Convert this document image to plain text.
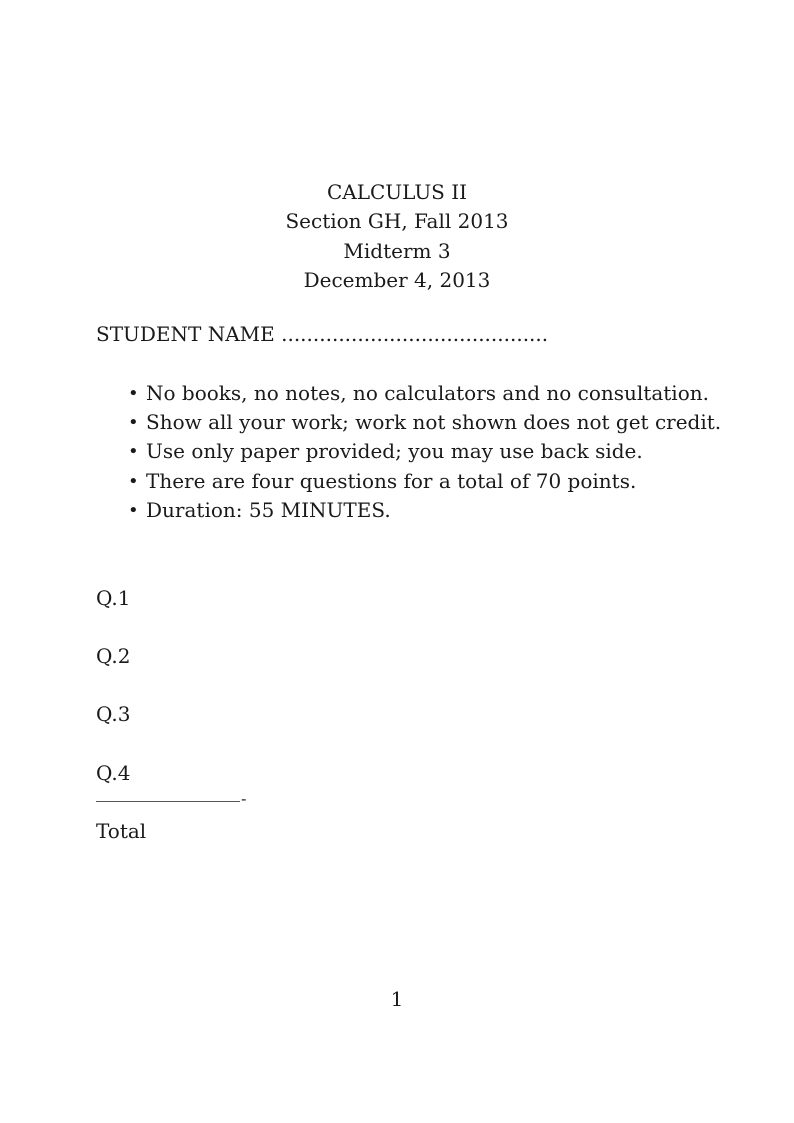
CALCULUS II
Section GH, Fall 2013
Midterm 3
December 4, 2013
STUDENT NAME ..........................................
• No books, no notes, no calculators and no consultation.
• Show all your work; work not shown does not get credit.
• Use only paper provided; you may use back side.
• There are four questions for a total of 70 points.
• Duration: 55 MINUTES.
Q.1
Q.2
Q.3
Q.4
-
Total
1
